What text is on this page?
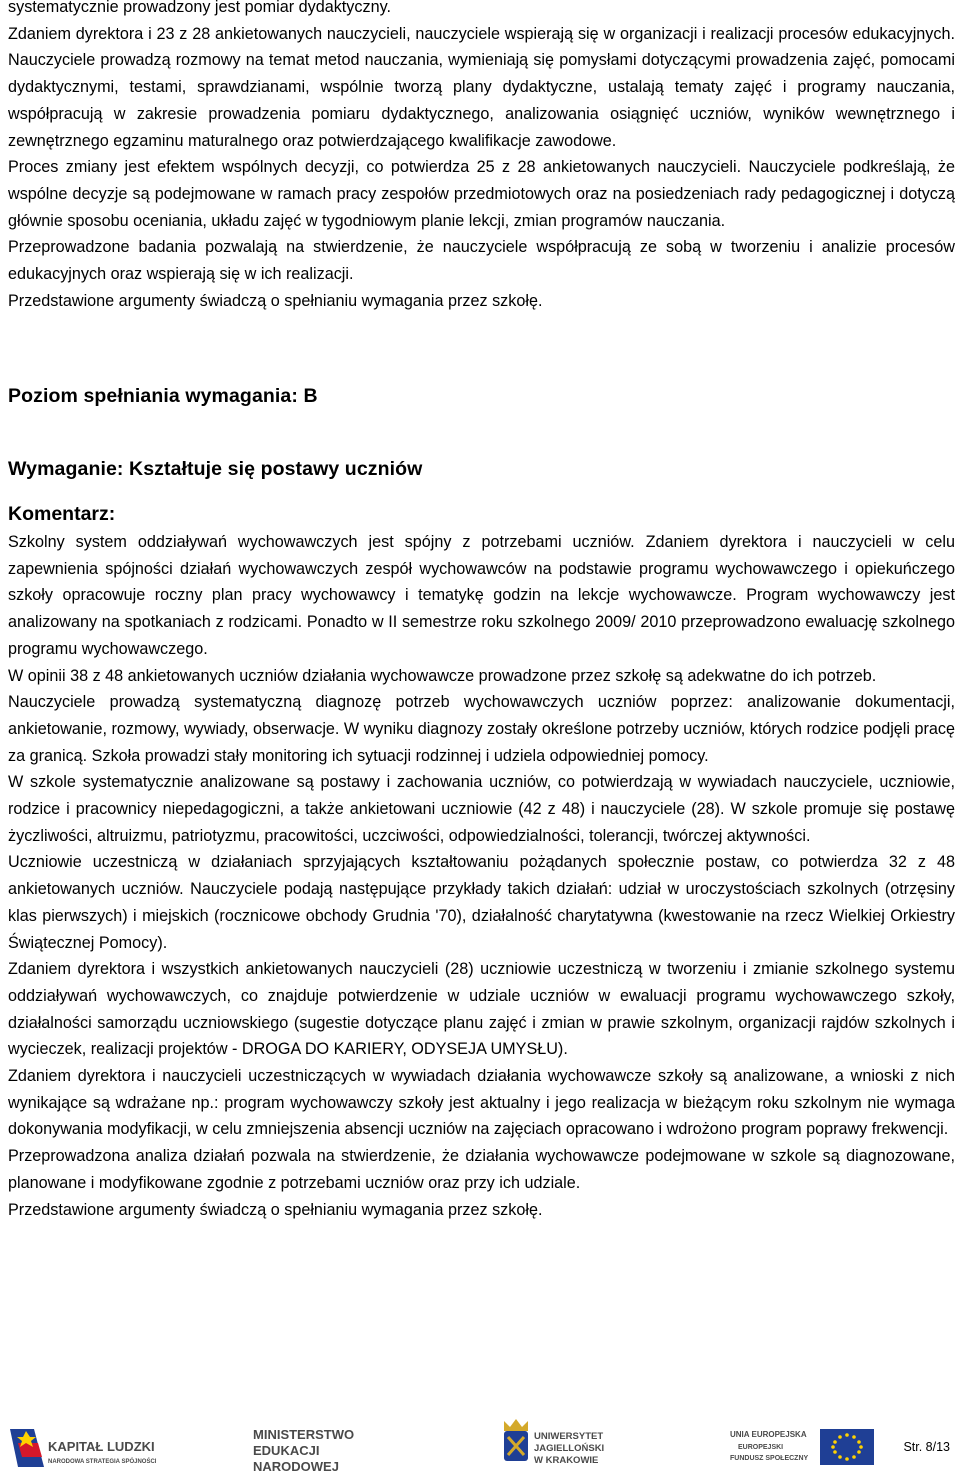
systematycznie prowadzony jest pomiar dydaktyczny.

Zdaniem dyrektora i 23 z 28 ankietowanych nauczycieli, nauczyciele wspierają się w organizacji i realizacji procesów edukacyjnych. Nauczyciele prowadzą rozmowy na temat metod nauczania, wymieniają się pomysłami dotyczącymi prowadzenia zajęć, pomocami dydaktycznymi, testami, sprawdzianami, wspólnie tworzą plany dydaktyczne, ustalają tematy zajęć i programy nauczania, współpracują w zakresie prowadzenia pomiaru dydaktycznego, analizowania osiągnięć uczniów, wyników wewnętrznego i zewnętrznego egzaminu maturalnego oraz potwierdzającego kwalifikacje zawodowe.

Proces zmiany jest efektem wspólnych decyzji, co potwierdza 25 z 28 ankietowanych nauczycieli. Nauczyciele podkreślają, że wspólne decyzje są podejmowane w ramach pracy zespołów przedmiotowych oraz na posiedzeniach rady pedagogicznej i dotyczą głównie sposobu oceniania, układu zajęć w tygodniowym planie lekcji, zmian programów nauczania.

Przeprowadzone badania pozwalają na stwierdzenie, że nauczyciele współpracują ze sobą w tworzeniu i analizie procesów edukacyjnych oraz wspierają się w ich realizacji.

Przedstawione argumenty świadczą o spełnianiu wymagania przez szkołę.

Poziom spełniania wymagania: B
Wymaganie: Kształtuje się postawy uczniów
Komentarz:

Szkolny system oddziaływań wychowawczych jest spójny z potrzebami uczniów. Zdaniem dyrektora i nauczycieli w celu zapewnienia spójności działań wychowawczych zespół wychowawców na podstawie programu wychowawczego i opiekuńczego szkoły opracowuje roczny plan pracy wychowawcy i tematykę godzin na lekcje wychowawcze. Program wychowawczy jest analizowany na spotkaniach z rodzicami. Ponadto w II semestrze roku szkolnego 2009/ 2010 przeprowadzono ewaluację szkolnego programu wychowawczego.

W opinii 38 z 48 ankietowanych uczniów działania wychowawcze prowadzone przez szkołę są adekwatne do ich potrzeb.

Nauczyciele prowadzą systematyczną diagnozę potrzeb wychowawczych uczniów poprzez: analizowanie dokumentacji, ankietowanie, rozmowy, wywiady, obserwacje. W wyniku diagnozy zostały określone potrzeby uczniów, których rodzice podjęli pracę za granicą. Szkoła prowadzi stały monitoring ich sytuacji rodzinnej i udziela odpowiedniej pomocy.

W szkole systematycznie analizowane są postawy i zachowania uczniów, co potwierdzają w wywiadach nauczyciele, uczniowie, rodzice i pracownicy niepedagogiczni, a także ankietowani uczniowie (42 z 48) i nauczyciele (28). W szkole promuje się postawę życzliwości, altruizmu, patriotyzmu, pracowitości, uczciwości, odpowiedzialności, tolerancji, twórczej aktywności.

Uczniowie uczestniczą w działaniach sprzyjających kształtowaniu pożądanych społecznie postaw, co potwierdza 32 z 48 ankietowanych uczniów. Nauczyciele podają następujące przykłady takich działań: udział w uroczystościach szkolnych (otrzęsiny klas pierwszych) i miejskich (rocznicowe obchody Grudnia '70), działalność charytatywna (kwestowanie na rzecz Wielkiej Orkiestry Świątecznej Pomocy).

Zdaniem dyrektora i wszystkich ankietowanych nauczycieli (28) uczniowie uczestniczą w tworzeniu i zmianie szkolnego systemu oddziaływań wychowawczych, co znajduje potwierdzenie w udziale uczniów w ewaluacji programu wychowawczego szkoły, działalności samorządu uczniowskiego (sugestie dotyczące planu zajęć i zmian w prawie szkolnym, organizacji rajdów szkolnych i wycieczek, realizacji projektów - DROGA DO KARIERY, ODYSEJA UMYSŁU).

Zdaniem dyrektora i nauczycieli uczestniczących w wywiadach działania wychowawcze szkoły są analizowane, a wnioski z nich wynikające są wdrażane np.: program wychowawczy szkoły jest aktualny i jego realizacja w bieżącym roku szkolnym nie wymaga dokonywania modyfikacji, w celu zmniejszenia absencji uczniów na zajęciach opracowano i wdrożono program poprawy frekwencji.

Przeprowadzona analiza działań pozwala na stwierdzenie, że działania wychowawcze podejmowane w szkole są diagnozowane, planowane i modyfikowane zgodnie z potrzebami uczniów oraz przy ich udziale.

Przedstawione argumenty świadczą o spełnianiu wymagania przez szkołę.

KAPITAŁ LUDZKI
NARODOWA STRATEGIA SPÓJNOŚCI
MINISTERSTWO
EDUKACJI
NARODOWEJ
UNIWERSYTET
JAGIELLOŃSKI
W KRAKOWIE
UNIA EUROPEJSKA
EUROPEJSKI
FUNDUSZ SPOŁECZNY
Str. 8/13
